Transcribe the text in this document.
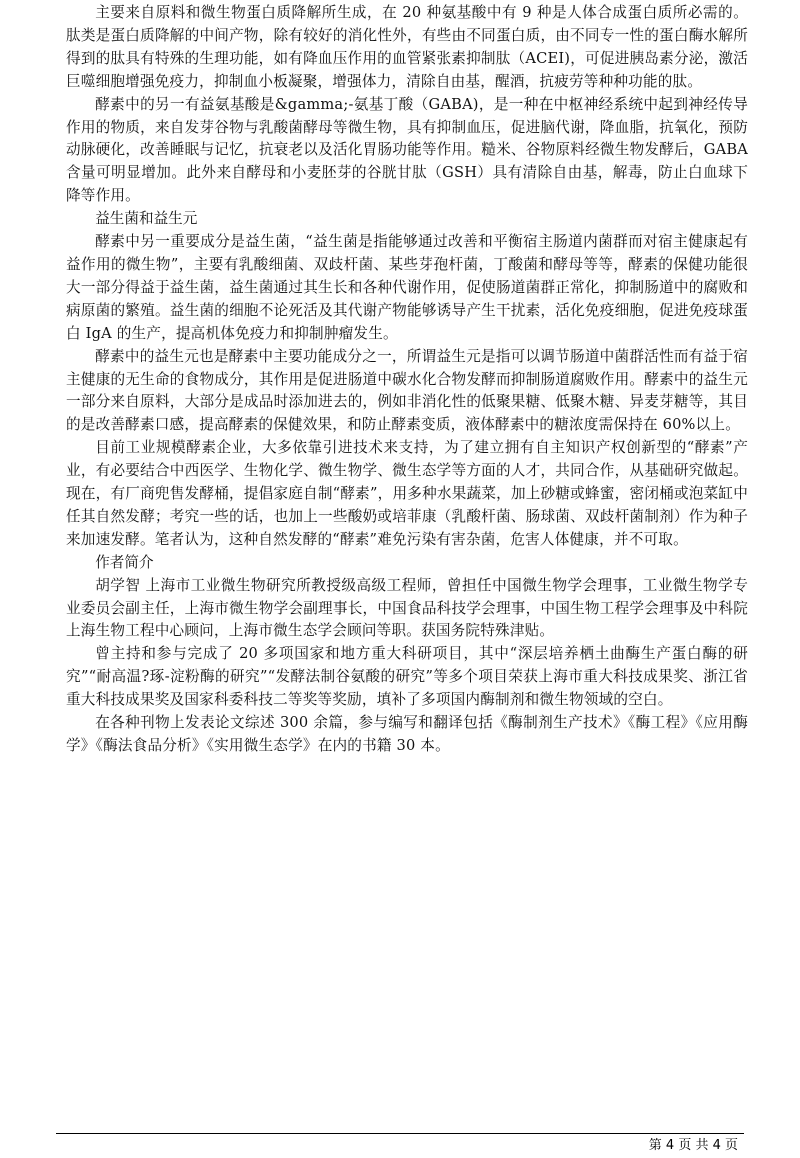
主要来自原料和微生物蛋白质降解所生成，在 20 种氨基酸中有 9 种是人体合成蛋白质所必需的。肽类是蛋白质降解的中间产物，除有较好的消化性外，有些由不同蛋白质，由不同专一性的蛋白酶水解所得到的肽具有特殊的生理功能，如有降血压作用的血管紧张素抑制肽（ACEI)，可促进胰岛素分泌，激活巨噬细胞增强免疫力，抑制血小板凝聚，增强体力，清除自由基，醒酒，抗疲劳等种种功能的肽。

酵素中的另一有益氨基酸是&gamma;-氨基丁酸（GABA)，是一种在中枢神经系统中起到神经传导作用的物质，来自发芽谷物与乳酸菌酵母等微生物，具有抑制血压，促进脑代谢，降血脂，抗氧化，预防动脉硬化，改善睡眠与记忆，抗衰老以及活化胃肠功能等作用。糙米、谷物原料经微生物发酵后，GABA 含量可明显增加。此外来自酵母和小麦胚芽的谷胱甘肽（GSH）具有清除自由基，解毒，防止白血球下降等作用。

益生菌和益生元

酵素中另一重要成分是益生菌，“益生菌是指能够通过改善和平衡宿主肠道内菌群而对宿主健康起有益作用的微生物”，主要有乳酸细菌、双歧杆菌、某些芽孢杆菌，丁酸菌和酵母等等，酵素的保健功能很大一部分得益于益生菌，益生菌通过其生长和各种代谢作用，促使肠道菌群正常化，抑制肠道中的腐败和病原菌的繁殖。益生菌的细胞不论死活及其代谢产物能够诱导产生干扰素，活化免疫细胞，促进免疫球蛋白 IgA 的生产，提高机体免疫力和抑制肿瘤发生。

酵素中的益生元也是酵素中主要功能成分之一，所谓益生元是指可以调节肠道中菌群活性而有益于宿主健康的无生命的食物成分，其作用是促进肠道中碳水化合物发酵而抑制肠道腐败作用。酵素中的益生元一部分来自原料，大部分是成品时添加进去的，例如非消化性的低聚果糖、低聚木糖、异麦芽糖等，其目的是改善酵素口感，提高酵素的保健效果，和防止酵素变质，液体酵素中的糖浓度需保持在 60%以上。

目前工业规模酵素企业，大多依靠引进技术来支持，为了建立拥有自主知识产权创新型的“酵素”产业，有必要结合中西医学、生物化学、微生物学、微生态学等方面的人才，共同合作，从基础研究做起。现在，有厂商兜售发酵桶，提倡家庭自制“酵素”，用多种水果蔬菜，加上砂糖或蜂蜜，密闭桶或泡菜缸中任其自然发酵；考究一些的话，也加上一些酸奶或培菲康（乳酸杆菌、肠球菌、双歧杆菌制剂）作为种子来加速发酵。笔者认为，这种自然发酵的“酵素”难免污染有害杂菌，危害人体健康，并不可取。

作者简介

胡学智 上海市工业微生物研究所教授级高级工程师，曾担任中国微生物学会理事，工业微生物学专业委员会副主任，上海市微生物学会副理事长，中国食品科技学会理事，中国生物工程学会理事及中科院上海生物工程中心顾问，上海市微生态学会顾问等职。获国务院特殊津贴。

曾主持和参与完成了 20 多项国家和地方重大科研项目，其中“深层培养栖土曲酶生产蛋白酶的研究”“耐高温?琢-淀粉酶的研究”“发酵法制谷氨酸的研究”等多个项目荣获上海市重大科技成果奖、浙江省重大科技成果奖及国家科委科技二等奖等奖励，填补了多项国内酶制剂和微生物领域的空白。

在各种刊物上发表论文综述 300 余篇，参与编写和翻译包括《酶制剂生产技术》《酶工程》《应用酶学》《酶法食品分析》《实用微生态学》在内的书籍 30 本。

第 4 页 共 4 页
